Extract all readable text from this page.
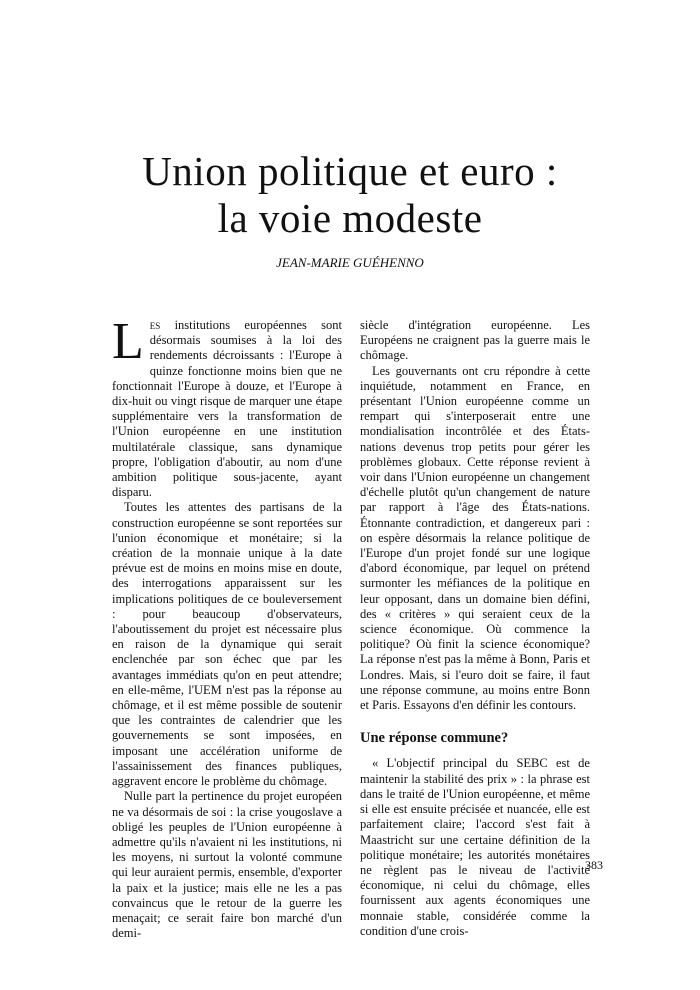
Union politique et euro :
la voie modeste
JEAN-MARIE GUÉHENNO

Les institutions européennes sont désormais soumises à la loi des rendements décroissants : l'Europe à quinze fonctionne moins bien que ne fonctionnait l'Europe à douze, et l'Europe à dix-huit ou vingt risque de marquer une étape supplémentaire vers la transformation de l'Union européenne en une institution multilatérale classique, sans dynamique propre, l'obligation d'aboutir, au nom d'une ambition politique sous-jacente, ayant disparu.

Toutes les attentes des partisans de la construction européenne se sont reportées sur l'union économique et monétaire; si la création de la monnaie unique à la date prévue est de moins en moins mise en doute, des interrogations apparaissent sur les implications politiques de ce bouleversement : pour beaucoup d'observateurs, l'aboutissement du projet est nécessaire plus en raison de la dynamique qui serait enclenchée par son échec que par les avantages immédiats qu'on en peut attendre; en elle-même, l'UEM n'est pas la réponse au chômage, et il est même possible de soutenir que les contraintes de calendrier que les gouvernements se sont imposées, en imposant une accélération uniforme de l'assainissement des finances publiques, aggravent encore le problème du chômage.

Nulle part la pertinence du projet européen ne va désormais de soi : la crise yougoslave a obligé les peuples de l'Union européenne à admettre qu'ils n'avaient ni les institutions, ni les moyens, ni surtout la volonté commune qui leur auraient permis, ensemble, d'exporter la paix et la justice; mais elle ne les a pas convaincus que le retour de la guerre les menaçait; ce serait faire bon marché d'un demi-

siècle d'intégration européenne. Les Européens ne craignent pas la guerre mais le chômage.

Les gouvernants ont cru répondre à cette inquiétude, notamment en France, en présentant l'Union européenne comme un rempart qui s'interposerait entre une mondialisation incontrôlée et des États-nations devenus trop petits pour gérer les problèmes globaux. Cette réponse revient à voir dans l'Union européenne un changement d'échelle plutôt qu'un changement de nature par rapport à l'âge des États-nations. Étonnante contradiction, et dangereux pari : on espère désormais la relance politique de l'Europe d'un projet fondé sur une logique d'abord économique, par lequel on prétend surmonter les méfiances de la politique en leur opposant, dans un domaine bien défini, des « critères » qui seraient ceux de la science économique. Où commence la politique? Où finit la science économique? La réponse n'est pas la même à Bonn, Paris et Londres. Mais, si l'euro doit se faire, il faut une réponse commune, au moins entre Bonn et Paris. Essayons d'en définir les contours.

Une réponse commune?

« L'objectif principal du SEBC est de maintenir la stabilité des prix » : la phrase est dans le traité de l'Union européenne, et même si elle est ensuite précisée et nuancée, elle est parfaitement claire; l'accord s'est fait à Maastricht sur une certaine définition de la politique monétaire; les autorités monétaires ne règlent pas le niveau de l'activité économique, ni celui du chômage, elles fournissent aux agents économiques une monnaie stable, considérée comme la condition d'une crois-

383
